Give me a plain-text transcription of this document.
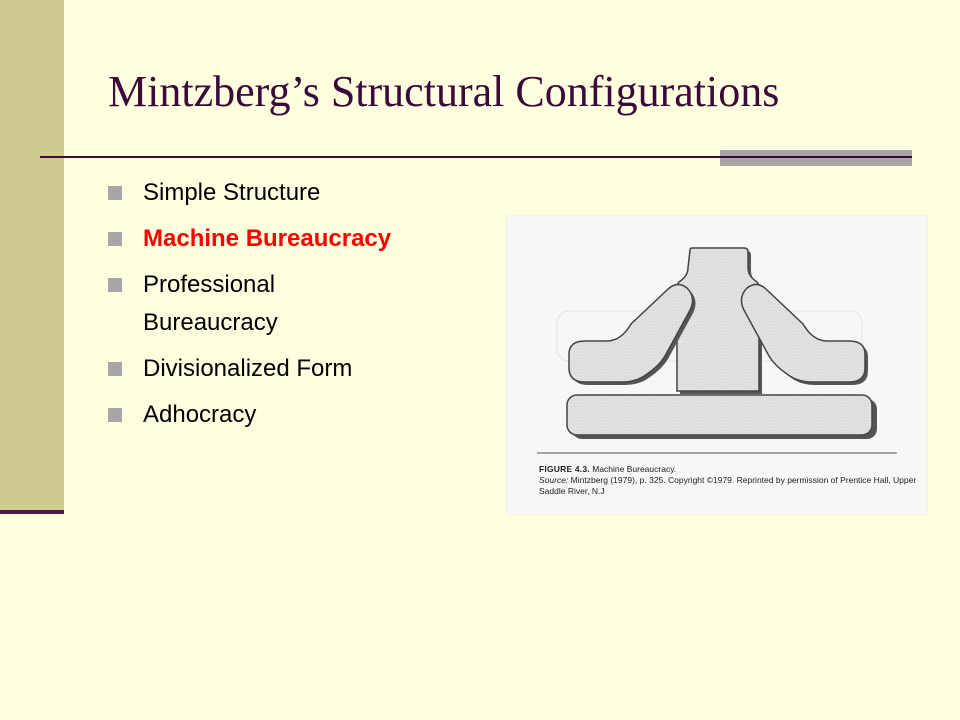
Mintzberg’s Structural Configurations
Simple Structure
Machine Bureaucracy
Professional Bureaucracy
Divisionalized Form
Adhocracy
FIGURE 4.3. Machine Bureaucracy.
Source: Mintzberg (1979), p. 325. Copyright ©1979. Reprinted by permission of Prentice Hall, Upper Saddle River, N.J
